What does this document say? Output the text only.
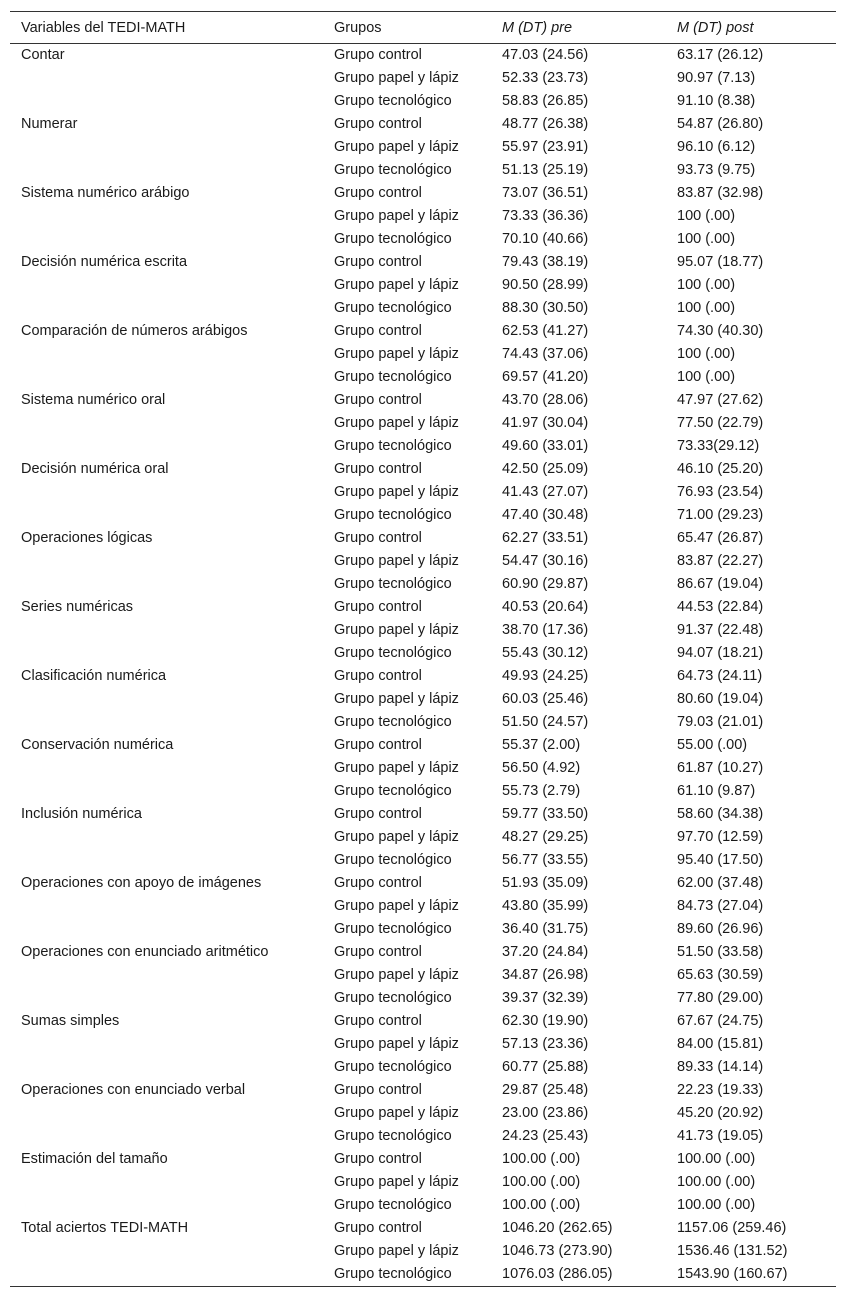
Variables del TEDI-MATH	Grupos	M (DT) pre	M (DT) post
Contar	Grupo control	47.03 (24.56)	63.17 (26.12)
	Grupo papel y lápiz	52.33 (23.73)	90.97 (7.13)
	Grupo tecnológico	58.83 (26.85)	91.10 (8.38)
Numerar	Grupo control	48.77 (26.38)	54.87 (26.80)
	Grupo papel y lápiz	55.97 (23.91)	96.10 (6.12)
	Grupo tecnológico	51.13 (25.19)	93.73 (9.75)
Sistema numérico arábigo	Grupo control	73.07 (36.51)	83.87 (32.98)
	Grupo papel y lápiz	73.33 (36.36)	100 (.00)
	Grupo tecnológico	70.10 (40.66)	100 (.00)
Decisión numérica escrita	Grupo control	79.43 (38.19)	95.07 (18.77)
	Grupo papel y lápiz	90.50 (28.99)	100 (.00)
	Grupo tecnológico	88.30 (30.50)	100 (.00)
Comparación de números arábigos	Grupo control	62.53 (41.27)	74.30 (40.30)
	Grupo papel y lápiz	74.43 (37.06)	100 (.00)
	Grupo tecnológico	69.57 (41.20)	100 (.00)
Sistema numérico oral	Grupo control	43.70 (28.06)	47.97 (27.62)
	Grupo papel y lápiz	41.97 (30.04)	77.50 (22.79)
	Grupo tecnológico	49.60 (33.01)	73.33(29.12)
Decisión numérica oral	Grupo control	42.50 (25.09)	46.10 (25.20)
	Grupo papel y lápiz	41.43 (27.07)	76.93 (23.54)
	Grupo tecnológico	47.40 (30.48)	71.00 (29.23)
Operaciones lógicas	Grupo control	62.27 (33.51)	65.47 (26.87)
	Grupo papel y lápiz	54.47 (30.16)	83.87 (22.27)
	Grupo tecnológico	60.90 (29.87)	86.67 (19.04)
Series numéricas	Grupo control	40.53 (20.64)	44.53 (22.84)
	Grupo papel y lápiz	38.70 (17.36)	91.37 (22.48)
	Grupo tecnológico	55.43 (30.12)	94.07 (18.21)
Clasificación numérica	Grupo control	49.93 (24.25)	64.73 (24.11)
	Grupo papel y lápiz	60.03 (25.46)	80.60 (19.04)
	Grupo tecnológico	51.50 (24.57)	79.03 (21.01)
Conservación numérica	Grupo control	55.37 (2.00)	55.00 (.00)
	Grupo papel y lápiz	56.50 (4.92)	61.87 (10.27)
	Grupo tecnológico	55.73 (2.79)	61.10 (9.87)
Inclusión numérica	Grupo control	59.77 (33.50)	58.60 (34.38)
	Grupo papel y lápiz	48.27 (29.25)	97.70 (12.59)
	Grupo tecnológico	56.77 (33.55)	95.40 (17.50)
Operaciones con apoyo de imágenes	Grupo control	51.93 (35.09)	62.00 (37.48)
	Grupo papel y lápiz	43.80 (35.99)	84.73 (27.04)
	Grupo tecnológico	36.40 (31.75)	89.60 (26.96)
Operaciones con enunciado aritmético	Grupo control	37.20 (24.84)	51.50 (33.58)
	Grupo papel y lápiz	34.87 (26.98)	65.63 (30.59)
	Grupo tecnológico	39.37 (32.39)	77.80 (29.00)
Sumas simples	Grupo control	62.30 (19.90)	67.67 (24.75)
	Grupo papel y lápiz	57.13 (23.36)	84.00 (15.81)
	Grupo tecnológico	60.77 (25.88)	89.33 (14.14)
Operaciones con enunciado verbal	Grupo control	29.87 (25.48)	22.23 (19.33)
	Grupo papel y lápiz	23.00 (23.86)	45.20 (20.92)
	Grupo tecnológico	24.23 (25.43)	41.73 (19.05)
Estimación del tamaño	Grupo control	100.00 (.00)	100.00 (.00)
	Grupo papel y lápiz	100.00 (.00)	100.00 (.00)
	Grupo tecnológico	100.00 (.00)	100.00 (.00)
Total aciertos TEDI-MATH	Grupo control	1046.20 (262.65)	1157.06 (259.46)
	Grupo papel y lápiz	1046.73 (273.90)	1536.46 (131.52)
	Grupo tecnológico	1076.03 (286.05)	1543.90 (160.67)
